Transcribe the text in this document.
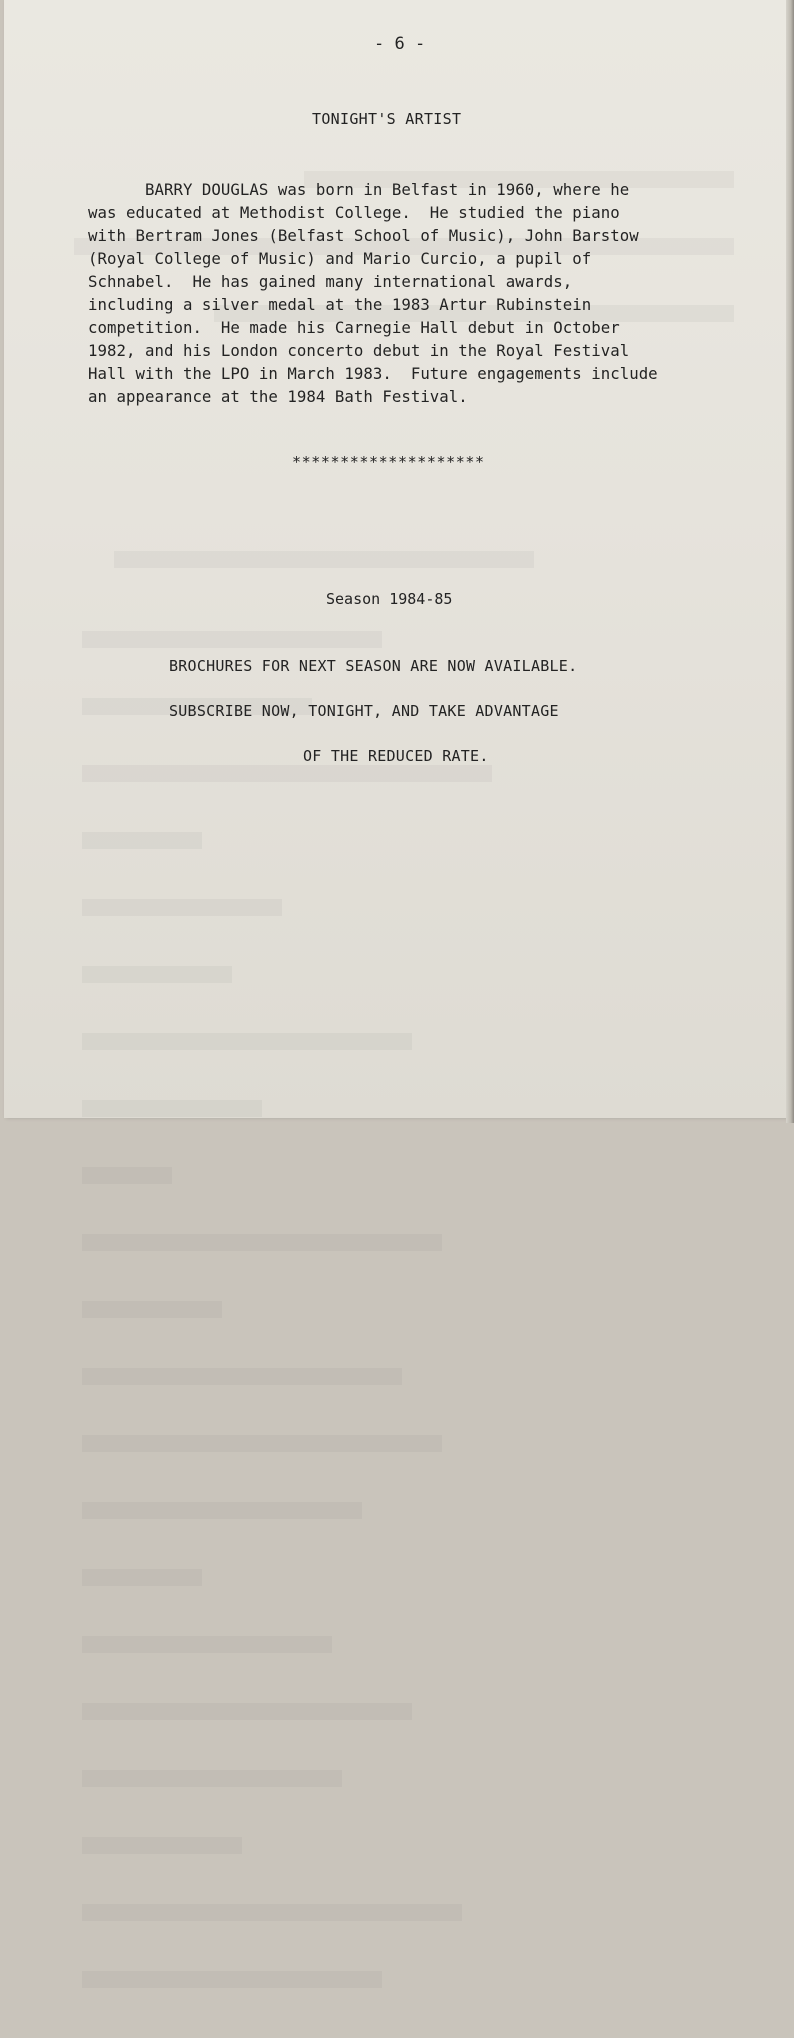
- 6 -

TONIGHT'S ARTIST

BARRY DOUGLAS was born in Belfast in 1960, where he
was educated at Methodist College.  He studied the piano
with Bertram Jones (Belfast School of Music), John Barstow
(Royal College of Music) and Mario Curcio, a pupil of
Schnabel.  He has gained many international awards,
including a silver medal at the 1983 Artur Rubinstein
competition.  He made his Carnegie Hall debut in October
1982, and his London concerto debut in the Royal Festival
Hall with the LPO in March 1983.  Future engagements include
an appearance at the 1984 Bath Festival.

********************

Season 1984-85

BROCHURES FOR NEXT SEASON ARE NOW AVAILABLE.

SUBSCRIBE NOW, TONIGHT, AND TAKE ADVANTAGE

OF THE REDUCED RATE.
